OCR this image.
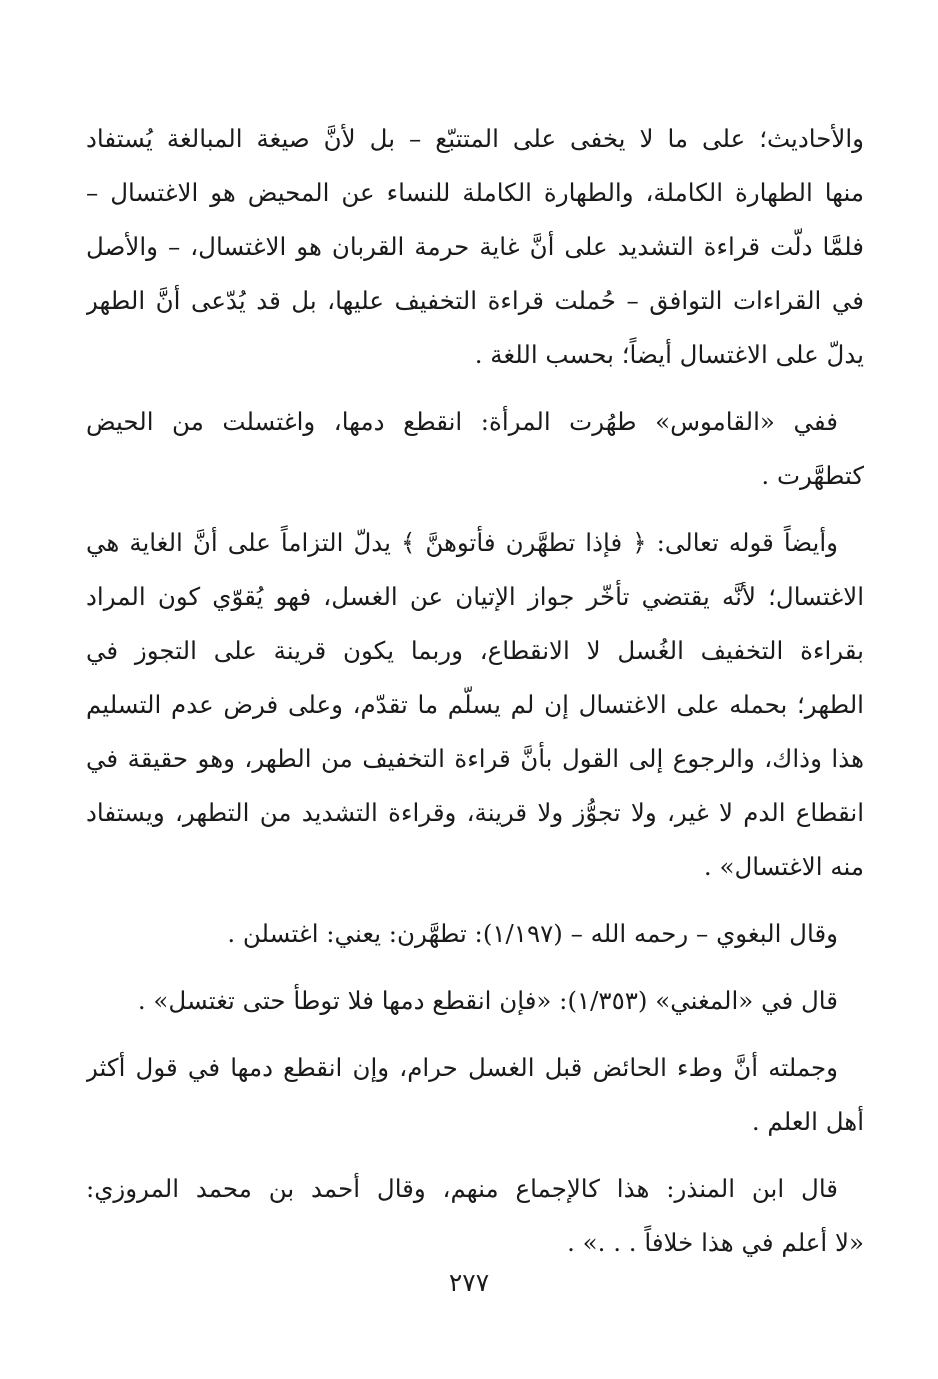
والأحاديث؛ على ما لا يخفى على المتتبّع – بل لأنَّ صيغة المبالغة يُستفاد
منها الطهارة الكاملة، والطهارة الكاملة للنساء عن المحيض هو الاغتسال –
فلمَّا دلّت قراءة التشديد على أنَّ غاية حرمة القربان هو الاغتسال، – والأصل
في القراءات التوافق – حُملت قراءة التخفيف عليها، بل قد يُدّعى أنَّ الطهر
يدلّ على الاغتسال أيضاً؛ بحسب اللغة .
ففي «القاموس» طهُرت المرأة: انقطع دمها، واغتسلت من الحيض
كتطهَّرت .
وأيضاً قوله تعالى: ﴿ فإذا تطهَّرن فأتوهنَّ ﴾ يدلّ التزاماً على أنَّ الغاية هي
الاغتسال؛ لأنَّه يقتضي تأخّر جواز الإتيان عن الغسل، فهو يُقوّي كون المراد
بقراءة التخفيف الغُسل لا الانقطاع، وربما يكون قرينة على التجوز في
الطهر؛ بحمله على الاغتسال إن لم يسلّم ما تقدّم، وعلى فرض عدم التسليم
هذا وذاك، والرجوع إلى القول بأنَّ قراءة التخفيف من الطهر، وهو حقيقة في
انقطاع الدم لا غير، ولا تجوُّز ولا قرينة، وقراءة التشديد من التطهر، ويستفاد
منه الاغتسال» .
وقال البغوي – رحمه الله – (١/١٩٧): تطهَّرن: يعني: اغتسلن .
قال في «المغني» (١/٣٥٣): «فإن انقطع دمها فلا توطأ حتى تغتسل» .
وجملته أنَّ وطء الحائض قبل الغسل حرام، وإن انقطع دمها في قول أكثر
أهل العلم .
قال ابن المنذر: هذا كالإجماع منهم، وقال أحمد بن محمد المروزي:
«لا أعلم في هذا خلافاً . . .» .
٢٧٧
